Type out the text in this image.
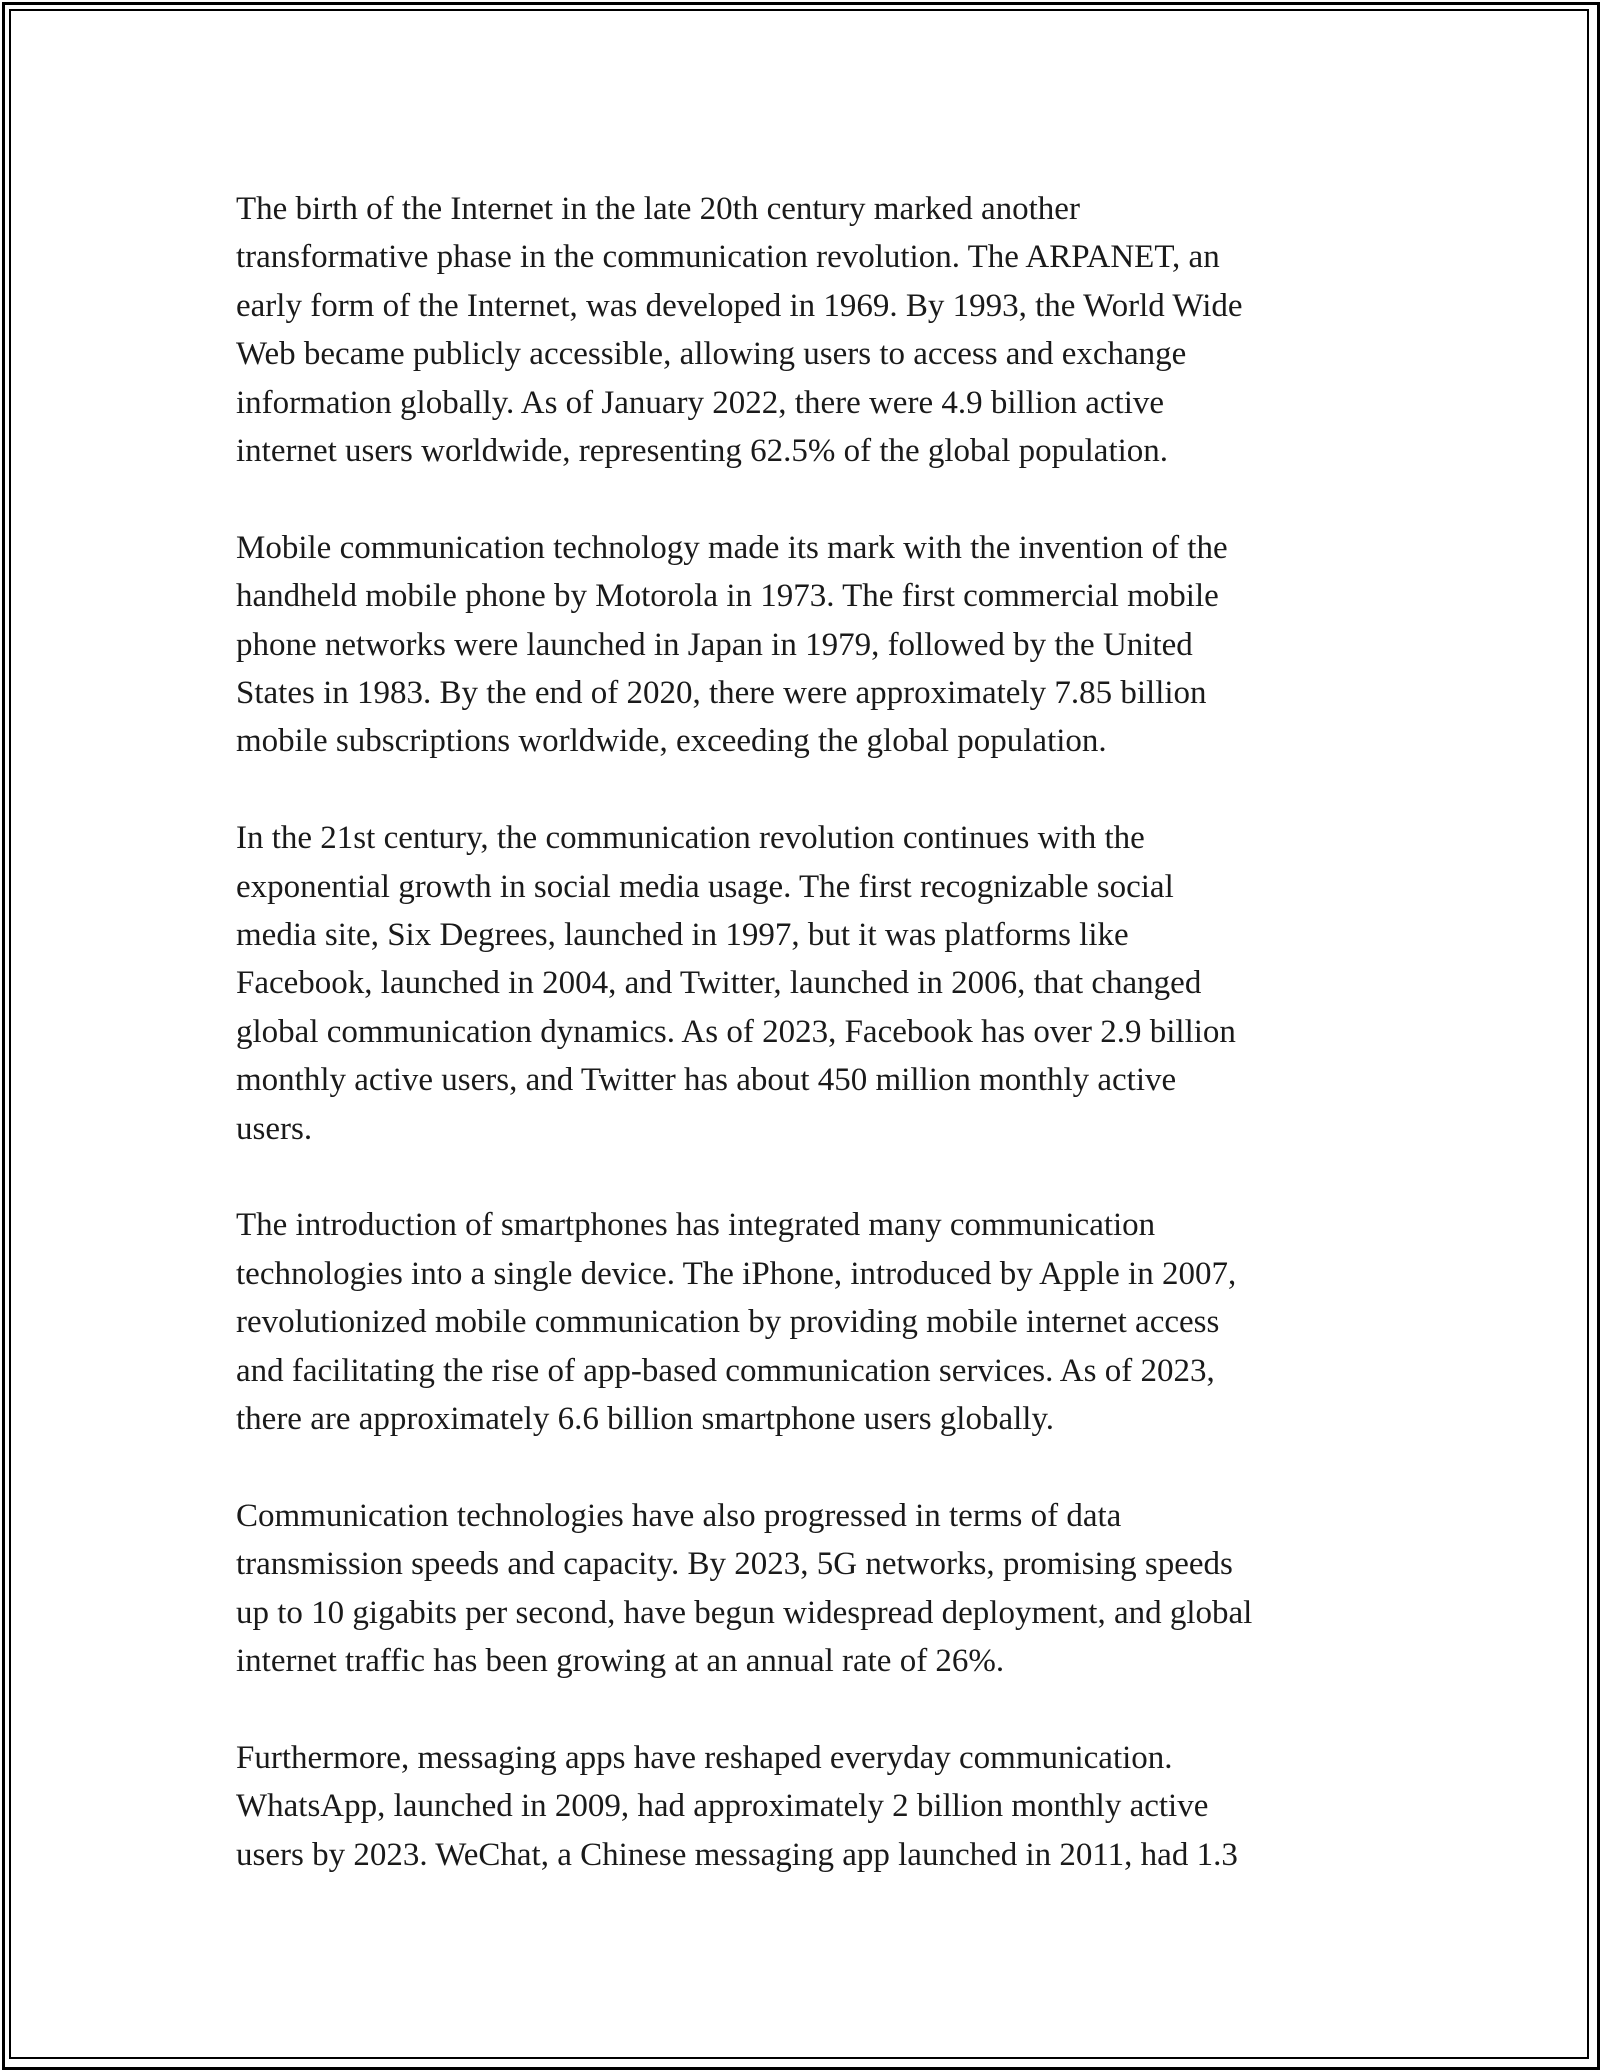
The birth of the Internet in the late 20th century marked another
transformative phase in the communication revolution. The ARPANET, an
early form of the Internet, was developed in 1969. By 1993, the World Wide
Web became publicly accessible, allowing users to access and exchange
information globally. As of January 2022, there were 4.9 billion active
internet users worldwide, representing 62.5% of the global population.

Mobile communication technology made its mark with the invention of the
handheld mobile phone by Motorola in 1973. The first commercial mobile
phone networks were launched in Japan in 1979, followed by the United
States in 1983. By the end of 2020, there were approximately 7.85 billion
mobile subscriptions worldwide, exceeding the global population.

In the 21st century, the communication revolution continues with the
exponential growth in social media usage. The first recognizable social
media site, Six Degrees, launched in 1997, but it was platforms like
Facebook, launched in 2004, and Twitter, launched in 2006, that changed
global communication dynamics. As of 2023, Facebook has over 2.9 billion
monthly active users, and Twitter has about 450 million monthly active
users.

The introduction of smartphones has integrated many communication
technologies into a single device. The iPhone, introduced by Apple in 2007,
revolutionized mobile communication by providing mobile internet access
and facilitating the rise of app-based communication services. As of 2023,
there are approximately 6.6 billion smartphone users globally.

Communication technologies have also progressed in terms of data
transmission speeds and capacity. By 2023, 5G networks, promising speeds
up to 10 gigabits per second, have begun widespread deployment, and global
internet traffic has been growing at an annual rate of 26%.

Furthermore, messaging apps have reshaped everyday communication.
WhatsApp, launched in 2009, had approximately 2 billion monthly active
users by 2023. WeChat, a Chinese messaging app launched in 2011, had 1.3
